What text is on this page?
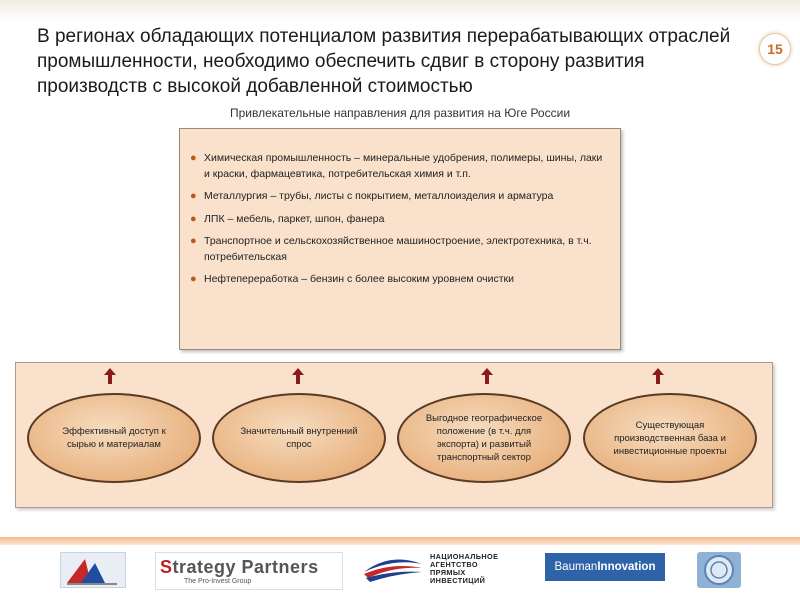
В регионах обладающих потенциалом развития перерабатывающих отраслей промышленности, необходимо обеспечить сдвиг в сторону развития производств с высокой добавленной стоимостью
15
Привлекательные направления для развития на Юге России
● Химическая промышленность – минеральные удобрения, полимеры, шины, лаки и краски, фармацевтика, потребительская химия и т.п.
● Металлургия – трубы, листы с покрытием, металлоизделия и арматура
● ЛПК – мебель, паркет, шпон, фанера
● Транспортное и сельскохозяйственное машиностроение, электротехника, в т.ч. потребительская
● Нефтепереработка – бензин с более высоким уровнем очистки
Эффективный доступ к сырью и материалам
Значительный внутренний спрос
Выгодное географическое положение (в т.ч. для экспорта) и развитый транспортный сектор
Существующая производственная база и инвестиционные проекты
Strategy Partners
The Pro-Invest Group
НАЦИОНАЛЬНОЕ
АГЕНТСТВО
ПРЯМЫХ
ИНВЕСТИЦИЙ
BaumanInnovation
